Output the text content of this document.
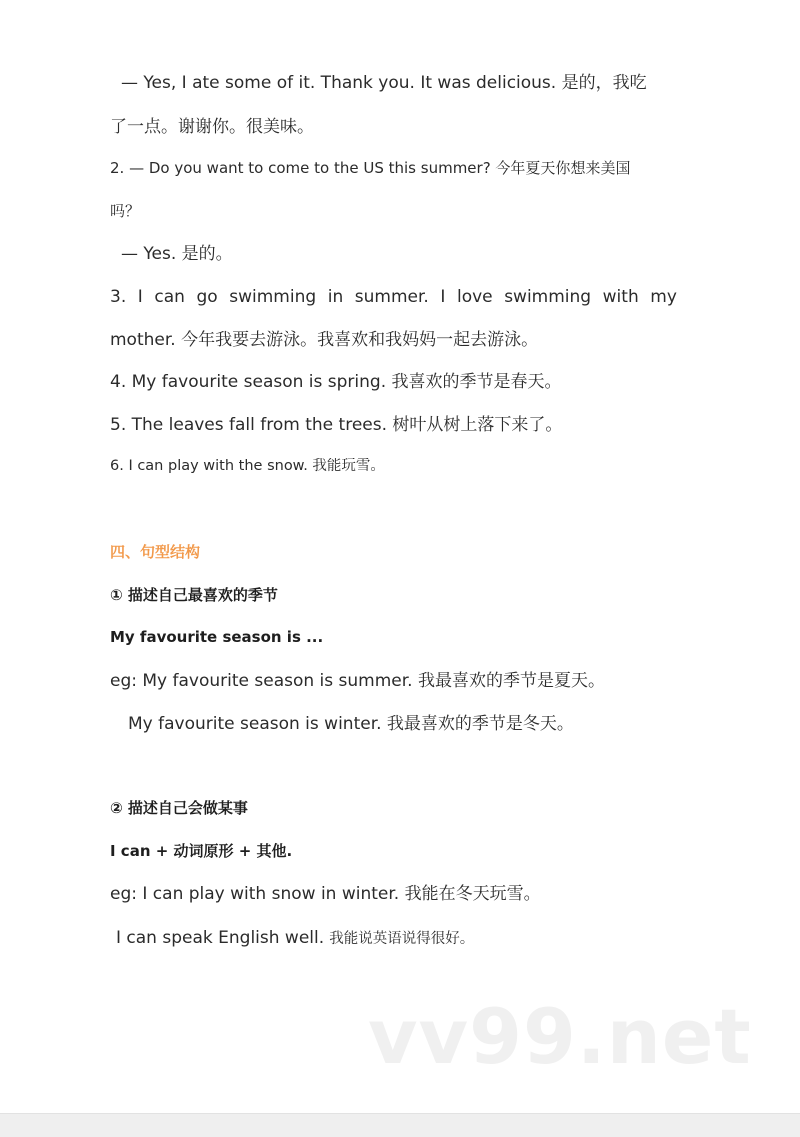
— Yes, I ate some of it. Thank you. It was delicious. 是的，我吃
了一点。谢谢你。很美味。
2. — Do you want to come to the US this summer? 今年夏天你想来美国
吗？
— Yes. 是的。
3. I can go swimming in summer. I love swimming with my
mother. 今年我要去游泳。我喜欢和我妈妈一起去游泳。
4. My favourite season is spring. 我喜欢的季节是春天。
5. The leaves fall from the trees. 树叶从树上落下来了。
6. I can play with the snow. 我能玩雪。
四、句型结构
① 描述自己最喜欢的季节
My favourite season is ...
eg: My favourite season is summer. 我最喜欢的季节是夏天。
My favourite season is winter. 我最喜欢的季节是冬天。
② 描述自己会做某事
I can + 动词原形 + 其他.
eg: I can play with snow in winter. 我能在冬天玩雪。
I can speak English well. 我能说英语说得很好。
vv99.net
